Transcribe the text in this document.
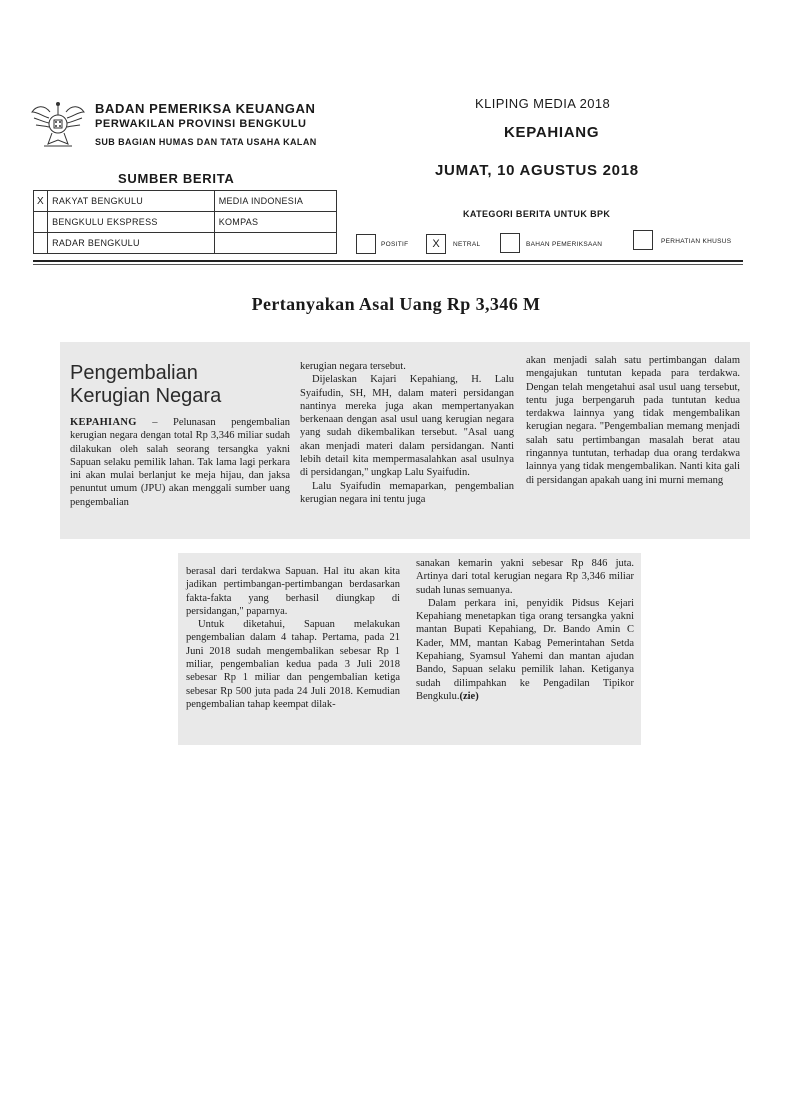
BADAN PEMERIKSA KEUANGAN
PERWAKILAN PROVINSI BENGKULU
SUB BAGIAN HUMAS DAN TATA USAHA KALAN
KLIPING MEDIA 2018
KEPAHIANG
JUMAT, 10 AGUSTUS 2018
SUMBER BERITA
X	RAKYAT BENGKULU	MEDIA INDONESIA
	BENGKULU EKSPRESS	KOMPAS
	RADAR BENGKULU	
KATEGORI BERITA UNTUK BPK
POSITIF	X	NETRAL	BAHAN PEMERIKSAAN	PERHATIAN KHUSUS
Pertanyakan Asal Uang Rp 3,346 M
Pengembalian
Kerugian Negara

KEPAHIANG – Pelunasan pengembalian kerugian negara dengan total Rp 3,346 miliar sudah dilakukan oleh salah seorang tersangka yakni Sapuan selaku pemilik lahan. Tak lama lagi perkara ini akan mulai berlanjut ke meja hijau, dan jaksa penuntut umum (JPU) akan menggali sumber uang pengembalian

kerugian negara tersebut.

Dijelaskan Kajari Kepahiang, H. Lalu Syaifudin, SH, MH, dalam materi persidangan nantinya mereka juga akan mempertanyakan berkenaan dengan asal usul uang kerugian negara yang sudah dikembalikan tersebut. "Asal uang akan menjadi materi dalam persidangan. Nanti lebih detail kita mempermasalahkan asal usulnya di persidangan," ungkap Lalu Syaifudin.

Lalu Syaifudin memaparkan, pengembalian kerugian negara ini tentu juga

akan menjadi salah satu pertimbangan dalam mengajukan tuntutan kepada para terdakwa. Dengan telah mengetahui asal usul uang tersebut, tentu juga berpengaruh pada tuntutan kedua terdakwa lainnya yang tidak mengembalikan kerugian negara. "Pengembalian memang menjadi salah satu pertimbangan masalah berat atau ringannya tuntutan, terhadap dua orang terdakwa lainnya yang tidak mengembalikan. Nanti kita gali di persidangan apakah uang ini murni memang

berasal dari terdakwa Sapuan. Hal itu akan kita jadikan pertimbangan-pertimbangan berdasarkan fakta-fakta yang berhasil diungkap di persidangan," paparnya.

Untuk diketahui, Sapuan melakukan pengembalian dalam 4 tahap. Pertama, pada 21 Juni 2018 sudah mengembalikan sebesar Rp 1 miliar, pengembalian kedua pada 3 Juli 2018 sebesar Rp 1 miliar dan pengembalian ketiga sebesar Rp 500 juta pada 24 Juli 2018. Kemudian pengembalian tahap keempat dilak-

sanakan kemarin yakni sebesar Rp 846 juta. Artinya dari total kerugian negara Rp 3,346 miliar sudah lunas semuanya.

Dalam perkara ini, penyidik Pidsus Kejari Kepahiang menetapkan tiga orang tersangka yakni mantan Bupati Kepahiang, Dr. Bando Amin C Kader, MM, mantan Kabag Pemerintahan Setda Kepahiang, Syamsul Yahemi dan mantan ajudan Bando, Sapuan selaku pemilik lahan. Ketiganya sudah dilimpahkan ke Pengadilan Tipikor Bengkulu.(zie)
